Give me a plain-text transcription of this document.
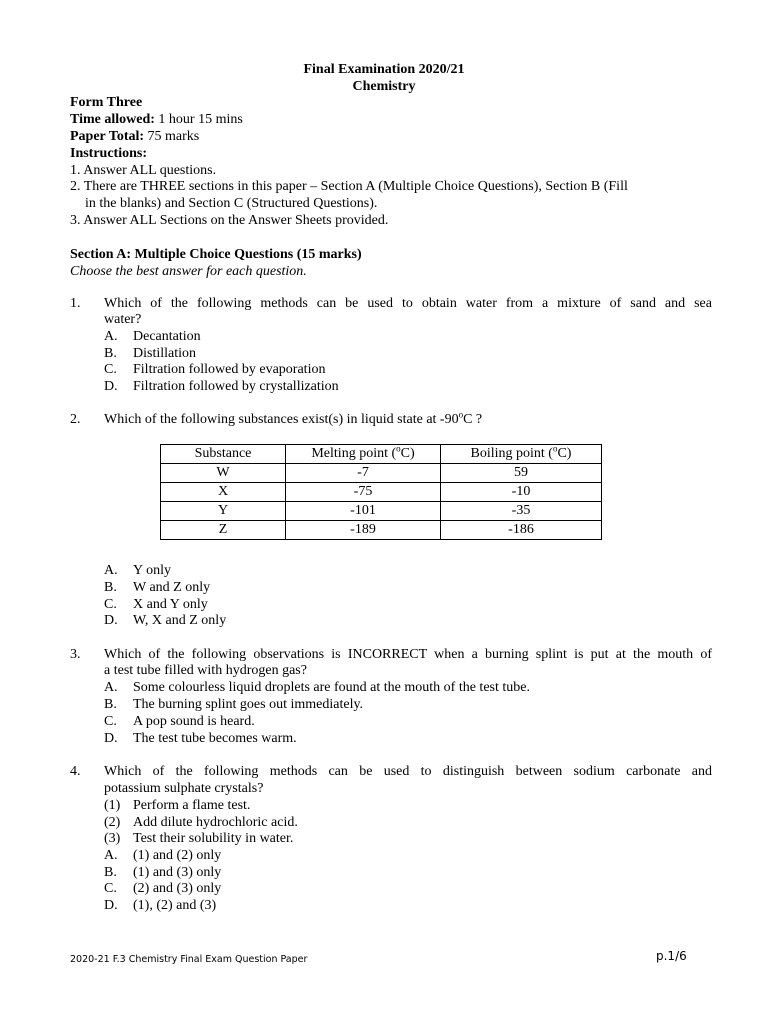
Final Examination 2020/21
Chemistry
Form Three
Time allowed: 1 hour 15 mins
Paper Total: 75 marks
Instructions:
1. Answer ALL questions.
2. There are THREE sections in this paper – Section A (Multiple Choice Questions), Section B (Fill
in the blanks) and Section C (Structured Questions).
3. Answer ALL Sections on the Answer Sheets provided.
Section A: Multiple Choice Questions (15 marks)
Choose the best answer for each question.
1. Which of the following methods can be used to obtain water from a mixture of sand and sea
water?
A. Decantation
B. Distillation
C. Filtration followed by evaporation
D. Filtration followed by crystallization
2. Which of the following substances exist(s) in liquid state at -90$^o$C ?
Substance	Melting point ($^o$C)	Boiling point ($^o$C)
W	-7	59
X	-75	-10
Y	-101	-35
Z	-189	-186
A. Y only
B. W and Z only
C. X and Y only
D. W, X and Z only
3. Which of the following observations is INCORRECT when a burning splint is put at the mouth of
a test tube filled with hydrogen gas?
A. Some colourless liquid droplets are found at the mouth of the test tube.
B. The burning splint goes out immediately.
C. A pop sound is heard.
D. The test tube becomes warm.
4. Which of the following methods can be used to distinguish between sodium carbonate and
potassium sulphate crystals?
(1) Perform a flame test.
(2) Add dilute hydrochloric acid.
(3) Test their solubility in water.
A. (1) and (2) only
B. (1) and (3) only
C. (2) and (3) only
D. (1), (2) and (3)
2020-21 F.3 Chemistry Final Exam Question Paper	p.1/6
